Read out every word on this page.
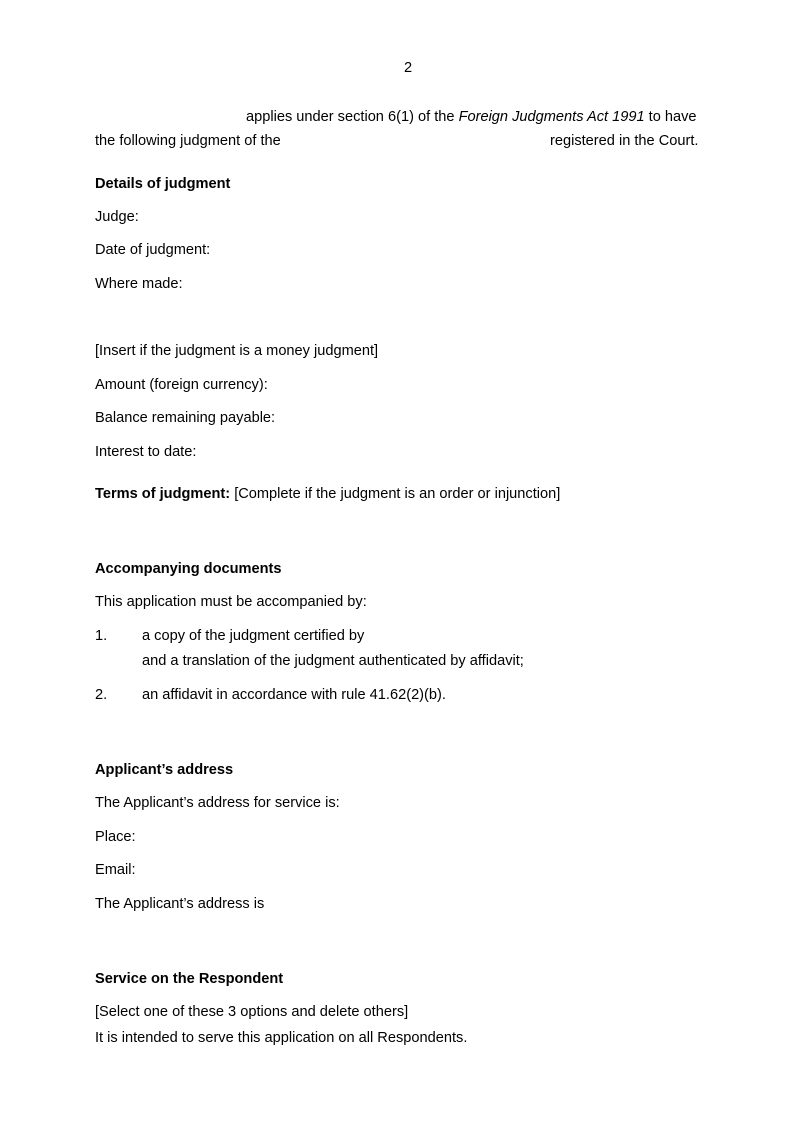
2
applies under section 6(1) of the Foreign Judgments Act 1991 to have
the following judgment of the	registered in the Court.
Details of judgment
Judge:
Date of judgment:
Where made:
[Insert if the judgment is a money judgment]
Amount (foreign currency):
Balance remaining payable:
Interest to date:
Terms of judgment: [Complete if the judgment is an order or injunction]
Accompanying documents
This application must be accompanied by:
1. a copy of the judgment certified by
and a translation of the judgment authenticated by affidavit;
2. an affidavit in accordance with rule 41.62(2)(b).
Applicant’s address
The Applicant’s address for service is:
Place:
Email:
The Applicant’s address is
Service on the Respondent
[Select one of these 3 options and delete others]
It is intended to serve this application on all Respondents.
